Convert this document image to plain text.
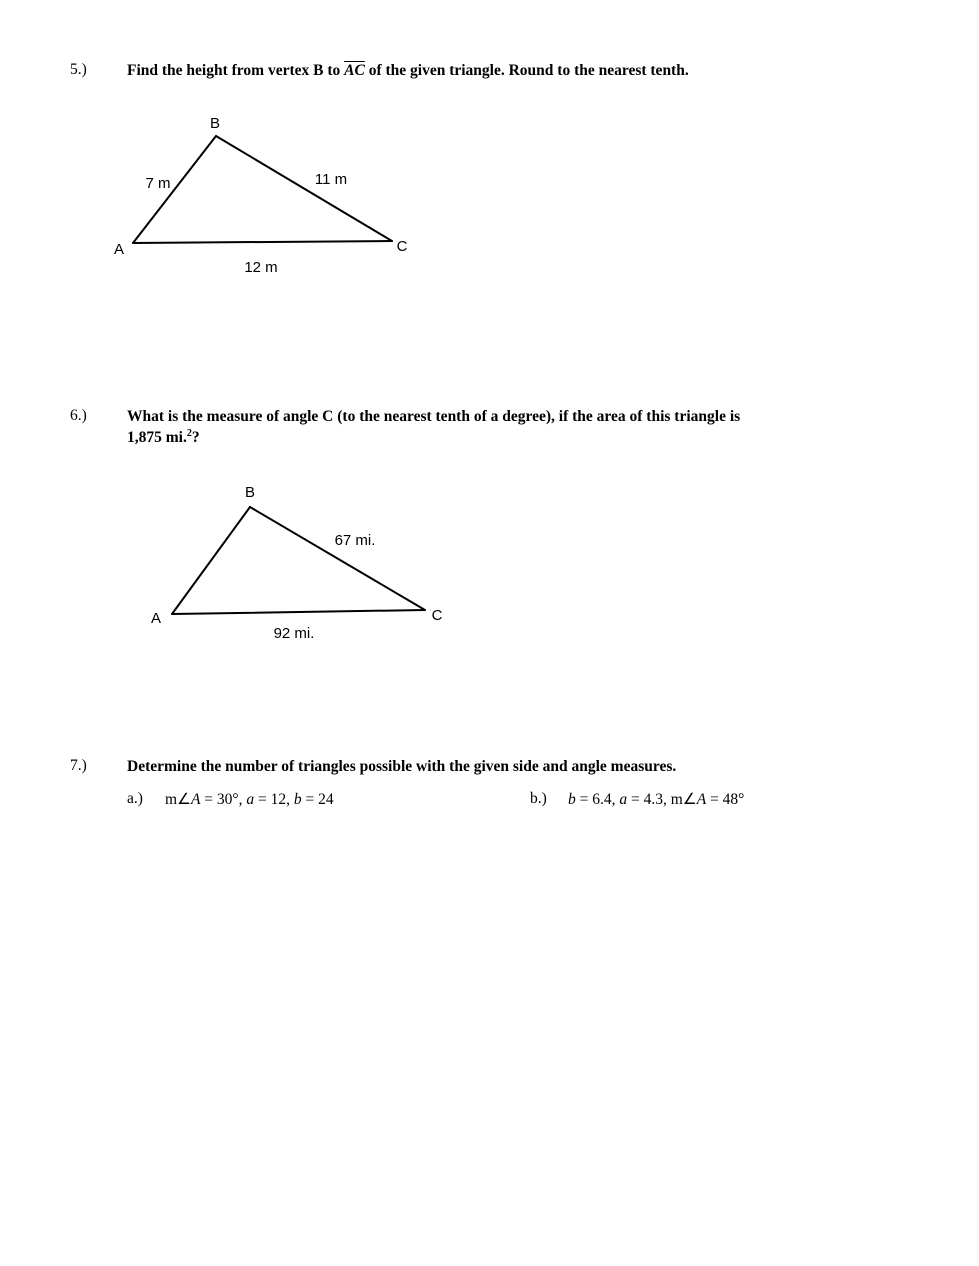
5.)	Find the height from vertex B to $\overline{AC}$ of the given triangle. Round to the nearest tenth.
B
A	C
7 m	11 m
12 m
6.)	What is the measure of angle C (to the nearest tenth of a degree), if the area of this triangle is
1,875 mi.$^2$?
B
A	C
67 mi.
92 mi.
7.)	Determine the number of triangles possible with the given side and angle measures.
a.) m∠A = 30°, a = 12, b = 24	b.) b = 6.4, a = 4.3, m∠A = 48°
